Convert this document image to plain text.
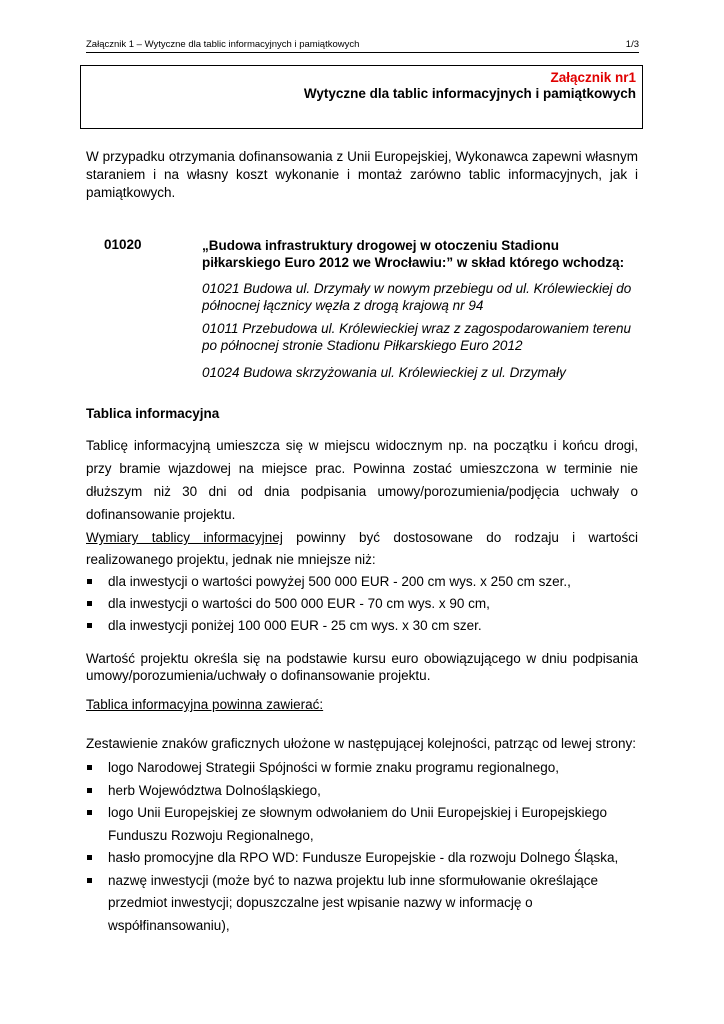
Załącznik 1 – Wytyczne dla tablic informacyjnych i pamiątkowych	1/3
Załącznik nr1
Wytyczne dla tablic informacyjnych i pamiątkowych
W przypadku otrzymania dofinansowania z Unii Europejskiej, Wykonawca zapewni własnym staraniem i na własny koszt wykonanie i montaż zarówno tablic informacyjnych, jak i pamiątkowych.
01020	„Budowa infrastruktury drogowej w otoczeniu Stadionu piłkarskiego Euro 2012 we Wrocławiu:” w skład którego wchodzą:
01021 Budowa ul. Drzymały w nowym przebiegu od ul. Królewieckiej do północnej łącznicy węzła z drogą krajową nr 94
01011 Przebudowa ul. Królewieckiej wraz z zagospodarowaniem terenu po północnej stronie Stadionu Piłkarskiego Euro 2012
01024 Budowa skrzyżowania ul. Królewieckiej z ul. Drzymały
Tablica informacyjna
Tablicę informacyjną umieszcza się w miejscu widocznym np. na początku i końcu drogi, przy bramie wjazdowej na miejsce prac. Powinna zostać umieszczona w terminie nie dłuższym niż 30 dni od dnia podpisania umowy/porozumienia/podjęcia uchwały o dofinansowanie projektu.
Wymiary tablicy informacyjnej powinny być dostosowane do rodzaju i wartości realizowanego projektu, jednak nie mniejsze niż:
dla inwestycji o wartości powyżej 500 000 EUR - 200 cm wys. x 250 cm szer.,
dla inwestycji o wartości do 500 000 EUR - 70 cm wys. x 90 cm,
dla inwestycji poniżej 100 000 EUR - 25 cm wys. x 30 cm szer.
Wartość projektu określa się na podstawie kursu euro obowiązującego w dniu podpisania umowy/porozumienia/uchwały o dofinansowanie projektu.
Tablica informacyjna powinna zawierać:
Zestawienie znaków graficznych ułożone w następującej kolejności, patrząc od lewej strony:
logo Narodowej Strategii Spójności w formie znaku programu regionalnego,
herb Województwa Dolnośląskiego,
logo Unii Europejskiej ze słownym odwołaniem do Unii Europejskiej i Europejskiego Funduszu Rozwoju Regionalnego,
hasło promocyjne dla RPO WD: Fundusze Europejskie - dla rozwoju Dolnego Śląska,
nazwę inwestycji (może być to nazwa projektu lub inne sformułowanie określające przedmiot inwestycji; dopuszczalne jest wpisanie nazwy w informację o współfinansowaniu),
